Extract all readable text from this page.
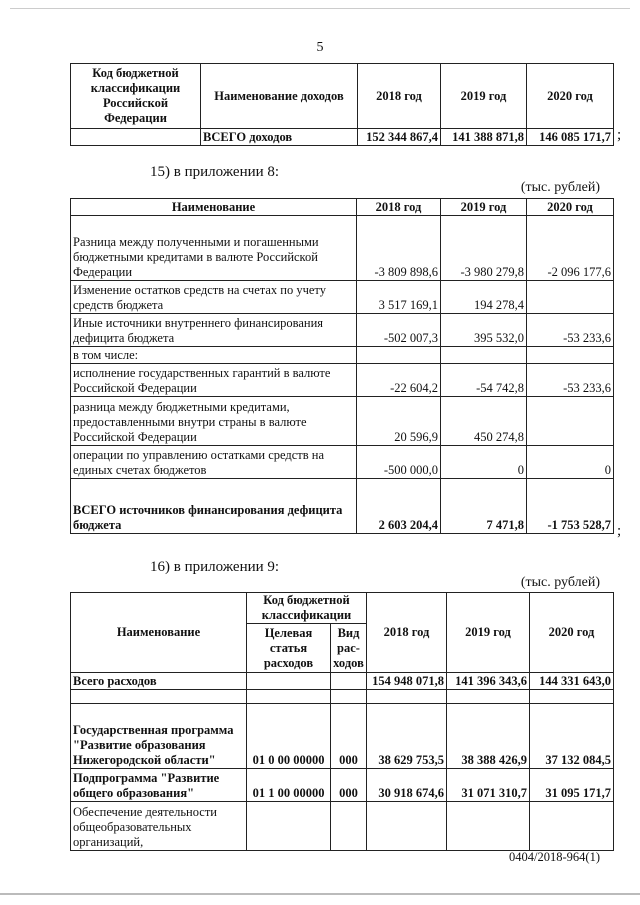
5
Код бюджетной классификации Российской Федерации	Наименование доходов	2018 год	2019 год	2020 год
	ВСЕГО доходов	152 344 867,4	141 388 871,8	146 085 171,7 ;
15) в приложении 8:
(тыс. рублей)
Наименование	2018 год	2019 год	2020 год
Разница между полученными и погашенными бюджетными кредитами в валюте Российской Федерации	-3 809 898,6	-3 980 279,8	-2 096 177,6
Изменение остатков средств на счетах по учету средств бюджета	3 517 169,1	194 278,4	
Иные источники внутреннего финансирования дефицита бюджета	-502 007,3	395 532,0	-53 233,6
в том числе:			
исполнение государственных гарантий в валюте Российской Федерации	-22 604,2	-54 742,8	-53 233,6
разница между бюджетными кредитами, предоставленными внутри страны в валюте Российской Федерации	20 596,9	450 274,8	
операции по управлению остатками средств на единых счетах бюджетов	-500 000,0	0	0
ВСЕГО источников финансирования дефицита бюджета	2 603 204,4	7 471,8	-1 753 528,7 ;
16) в приложении 9:
(тыс. рублей)
Наименование	Код бюджетной классификации		2018 год	2019 год	2020 год
	Целевая статья расходов	Вид рас-ходов			
Всего расходов			154 948 071,8	141 396 343,6	144 331 643,0

Государственная программа "Развитие образования Нижегородской области"	01 0 00 00000	000	38 629 753,5	38 388 426,9	37 132 084,5
Подпрограмма "Развитие общего образования"	01 1 00 00000	000	30 918 674,6	31 071 310,7	31 095 171,7
Обеспечение деятельности общеобразовательных организаций,					
0404/2018-964(1)
